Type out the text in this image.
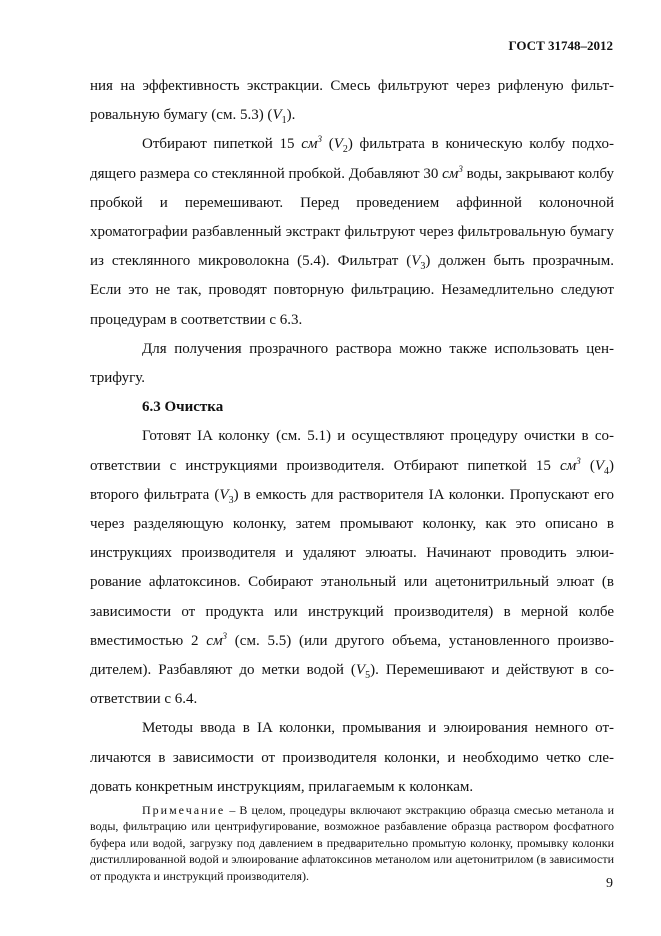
ГОСТ 31748–2012

ния на эффективность экстракции. Смесь фильтруют через рифленую фильтровальную бумагу (см. 5.3) $(V_1)$.

Отбирают пипеткой 15 $см^3$ $(V_2)$ фильтрата в коническую колбу подходящего размера со стеклянной пробкой. Добавляют 30 $см^3$ воды, закрывают колбу пробкой и перемешивают. Перед проведением аффинной колоночной хроматографии разбавленный экстракт фильтруют через фильтровальную бумагу из стеклянного микроволокна (5.4). Фильтрат $(V_3)$ должен быть прозрачным. Если это не так, проводят повторную фильтрацию. Незамедлительно следуют процедурам в соответствии с 6.3.

Для получения прозрачного раствора можно также использовать центрифугу.

6.3 Очистка

Готовят IA колонку (см. 5.1) и осуществляют процедуру очистки в соответствии с инструкциями производителя. Отбирают пипеткой 15 $см^3$ $(V_4)$ второго фильтрата $(V_3)$ в емкость для растворителя IA колонки. Пропускают его через разделяющую колонку, затем промывают колонку, как это описано в инструкциях производителя и удаляют элюаты. Начинают проводить элюирование афлатоксинов. Собирают этанольный или ацетонитрильный элюат (в зависимости от продукта или инструкций производителя) в мерной колбе вместимостью 2 $см^3$ (см. 5.5) (или другого объема, установленного производителем). Разбавляют до метки водой $(V_5)$. Перемешивают и действуют в соответствии с 6.4.

Методы ввода в IA колонки, промывания и элюирования немного отличаются в зависимости от производителя колонки, и необходимо четко следовать конкретным инструкциям, прилагаемым к колонкам.

Примечание – В целом, процедуры включают экстракцию образца смесью метанола и воды, фильтрацию или центрифугирование, возможное разбавление образца раствором фосфатного буфера или водой, загрузку под давлением в предварительно промытую колонку, промывку колонки дистиллированной водой и элюирование афлатоксинов метанолом или ацетонитрилом (в зависимости от продукта и инструкций производителя).

9
